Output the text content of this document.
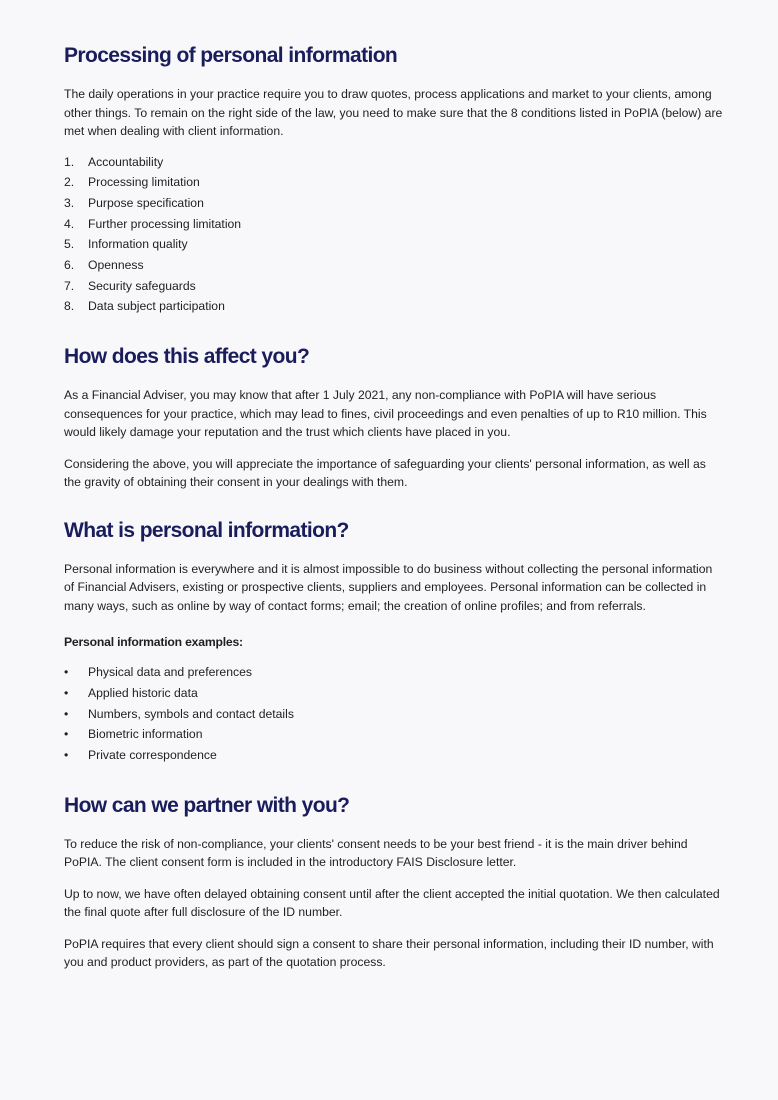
Processing of personal information

The daily operations in your practice require you to draw quotes, process applications and market to your clients, among other things. To remain on the right side of the law, you need to make sure that the 8 conditions listed in PoPIA (below) are met when dealing with client information.

1. Accountability
2. Processing limitation
3. Purpose specification
4. Further processing limitation
5. Information quality
6. Openness
7. Security safeguards
8. Data subject participation
How does this affect you?

As a Financial Adviser, you may know that after 1 July 2021, any non-compliance with PoPIA will have serious consequences for your practice, which may lead to fines, civil proceedings and even penalties of up to R10 million. This would likely damage your reputation and the trust which clients have placed in you.

Considering the above, you will appreciate the importance of safeguarding your clients' personal information, as well as the gravity of obtaining their consent in your dealings with them.

What is personal information?

Personal information is everywhere and it is almost impossible to do business without collecting the personal information of Financial Advisers, existing or prospective clients, suppliers and employees. Personal information can be collected in many ways, such as online by way of contact forms; email; the creation of online profiles; and from referrals.

Personal information examples:
• Physical data and preferences
• Applied historic data
• Numbers, symbols and contact details
• Biometric information
• Private correspondence
How can we partner with you?

To reduce the risk of non-compliance, your clients' consent needs to be your best friend - it is the main driver behind PoPIA. The client consent form is included in the introductory FAIS Disclosure letter.

Up to now, we have often delayed obtaining consent until after the client accepted the initial quotation. We then calculated the final quote after full disclosure of the ID number.

PoPIA requires that every client should sign a consent to share their personal information, including their ID number, with you and product providers, as part of the quotation process.
